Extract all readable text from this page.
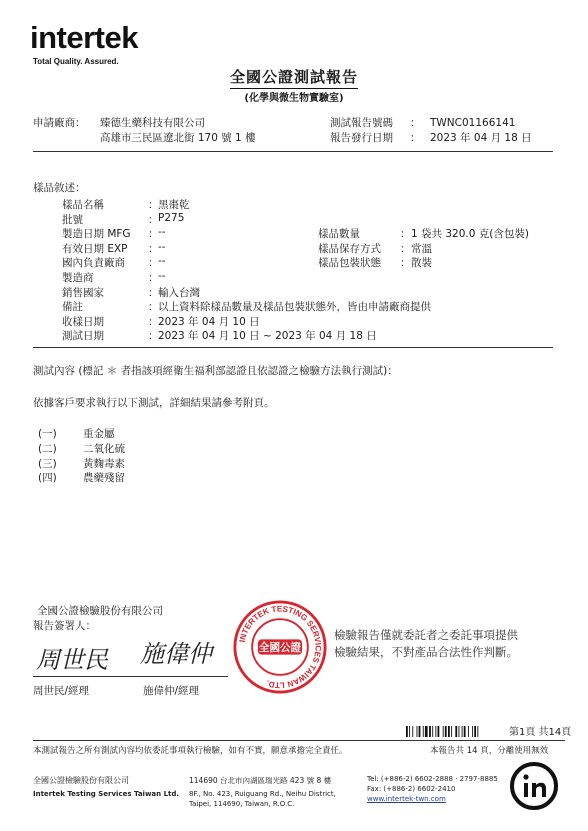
intertek
Total Quality. Assured.
全國公證測試報告
(化學與微生物實驗室)
申請廠商： 臻德生藥科技有限公司
高雄市三民區遼北街 170 號 1 樓
測試報告號碼 ： TWNC01166141
報告發行日期 ： 2023 年 04 月 18 日
樣品敘述：
樣品名稱	： 黑棗乾
批號	： P275
製造日期 MFG ： --
有效日期 EXP ： --
國內負責廠商 ： --
製造商	： --
銷售國家	： 輸入台灣
備註	： 以上資料除樣品數量及樣品包裝狀態外，皆由申請廠商提供
收樣日期	： 2023 年 04 月 10 日
測試日期	： 2023 年 04 月 10 日 ~ 2023 年 04 月 18 日
樣品數量	： 1 袋共 320.0 克(含包裝)
樣品保存方式 ： 常溫
樣品包裝狀態 ： 散裝
測試內容 (標記 ＊ 者指該項經衛生福利部認證且依認證之檢驗方法執行測試)：
依據客戶要求執行以下測試，詳細結果請參考附頁。
(一)	重金屬
(二)	二氧化硫
(三)	黃麴毒素
(四)	農藥殘留
全國公證檢驗股份有限公司
報告簽署人：
周世民 施偉仲
周世民/經理	施偉仲/經理
INTERTEK TESTING SERVICES TAIWAN LTD.
全國公證
檢驗報告僅就委託者之委託事項提供
檢驗結果，不對產品合法性作判斷。
第1頁 共14頁
本測試報告之所有測試內容均依委託事項執行檢驗，如有不實，願意承擔完全責任。	本報告共 14 頁，分離使用無效
全國公證檢驗股份有限公司
Intertek Testing Services Taiwan Ltd.
114690 台北市內湖區瑞光路 423 號 8 樓
8F., No. 423, Ruiguang Rd., Neihu District,
Taipei, 114690, Taiwan, R.O.C.
Tel: (+886-2) 6602-2888 · 2797-8885
Fax: (+886-2) 6602-2410
www.intertek-twn.com
